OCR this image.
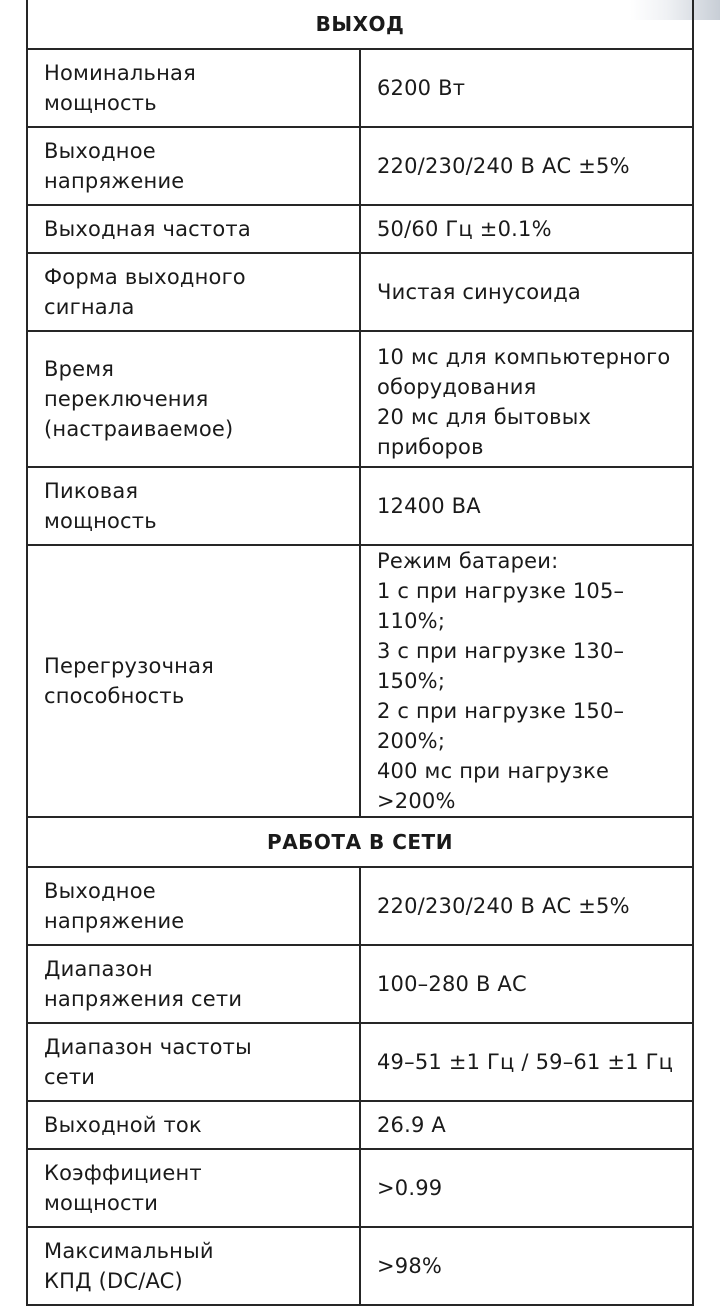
ВЫХОД	

Номинальная
мощность	6200 Вт

Выходное
напряжение	220/230/240 В АС ±5%

Выходная частота	50/60 Гц ±0.1%

Форма выходного
сигнала	Чистая синусоида

Время
переключения
(настраиваемое)	10 мс для компьютерного
оборудования
20 мс для бытовых приборов

Пиковая
мощность	12400 ВА

Перегрузочная
способность	Режим батареи:
1 с при нагрузке 105–110%;
3 с при нагрузке 130–150%;
2 с при нагрузке 150–200%;
400 мс при нагрузке >200%

РАБОТА В СЕТИ	

Выходное
напряжение	220/230/240 В АС ±5%

Диапазон
напряжения сети	100–280 В АС

Диапазон частоты
сети	49–51 ±1 Гц / 59–61 ±1 Гц

Выходной ток	26.9 А

Коэффициент
мощности	>0.99

Максимальный
КПД (DC/AC)	>98%
